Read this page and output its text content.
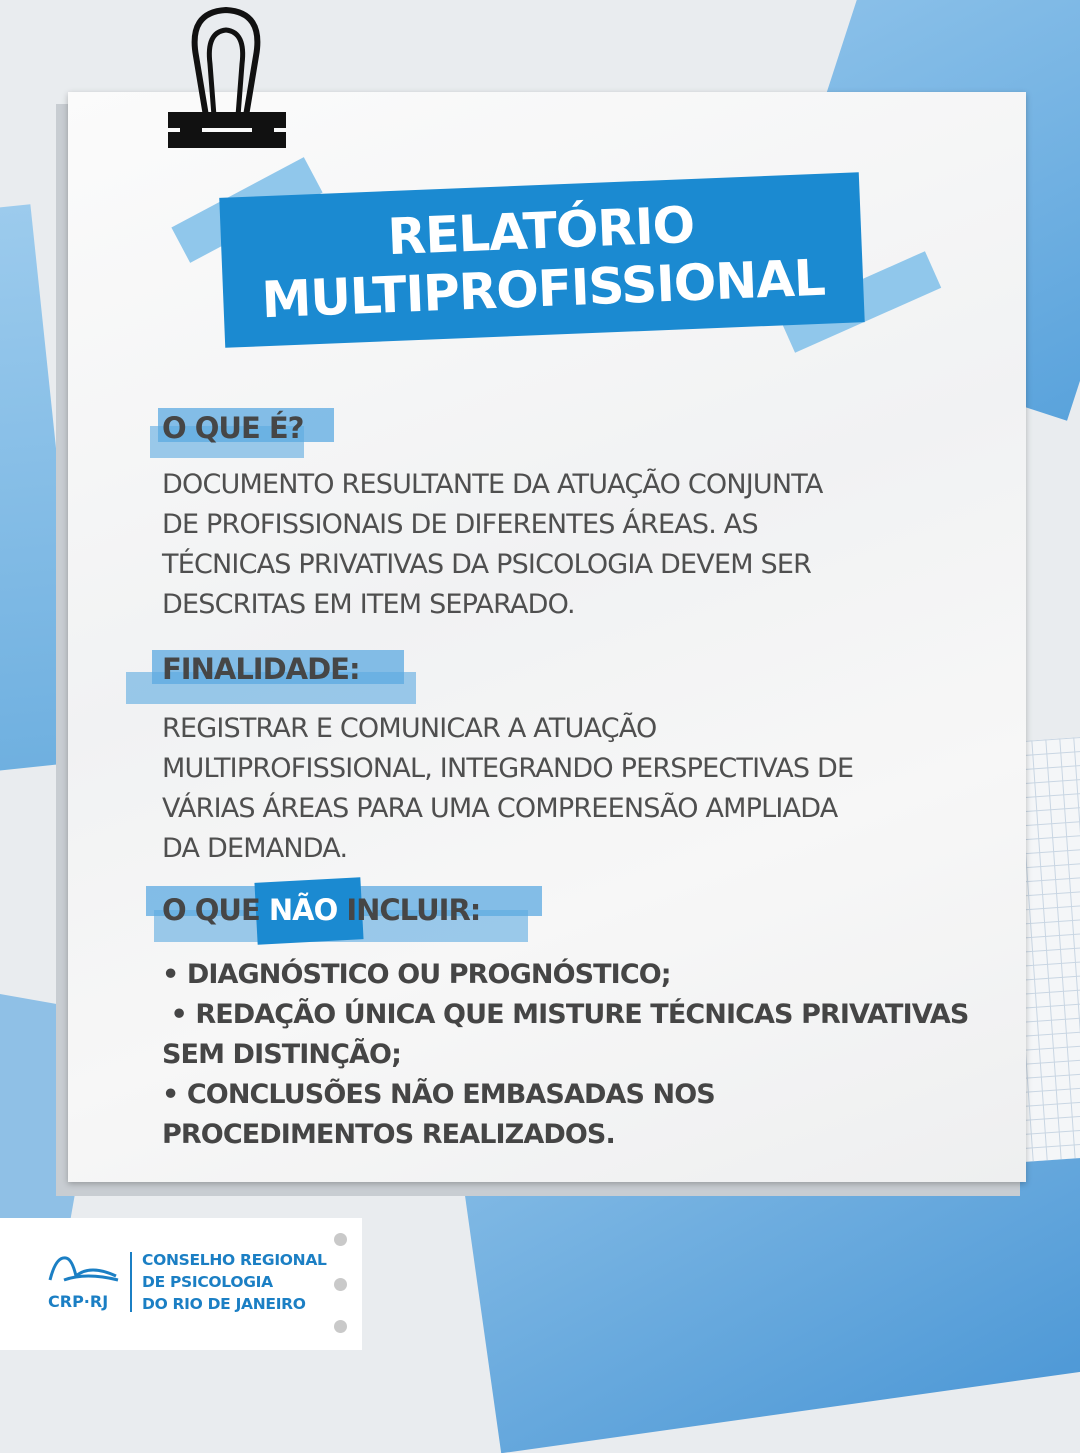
RELATÓRIO
MULTIPROFISSIONAL
O QUE É?

DOCUMENTO RESULTANTE DA ATUAÇÃO CONJUNTA

DE PROFISSIONAIS DE DIFERENTES ÁREAS. AS

TÉCNICAS PRIVATIVAS DA PSICOLOGIA DEVEM SER

DESCRITAS EM ITEM SEPARADO.

FINALIDADE:

REGISTRAR E COMUNICAR A ATUAÇÃO

MULTIPROFISSIONAL, INTEGRANDO PERSPECTIVAS DE

VÁRIAS ÁREAS PARA UMA COMPREENSÃO AMPLIADA

DA DEMANDA.

O QUE NÃO INCLUIR:

• DIAGNÓSTICO OU PROGNÓSTICO;

• REDAÇÃO ÚNICA QUE MISTURE TÉCNICAS PRIVATIVAS

SEM DISTINÇÃO;

• CONCLUSÕES NÃO EMBASADAS NOS

PROCEDIMENTOS REALIZADOS.

CRP·RJ

CONSELHO REGIONAL

DE PSICOLOGIA

DO RIO DE JANEIRO
